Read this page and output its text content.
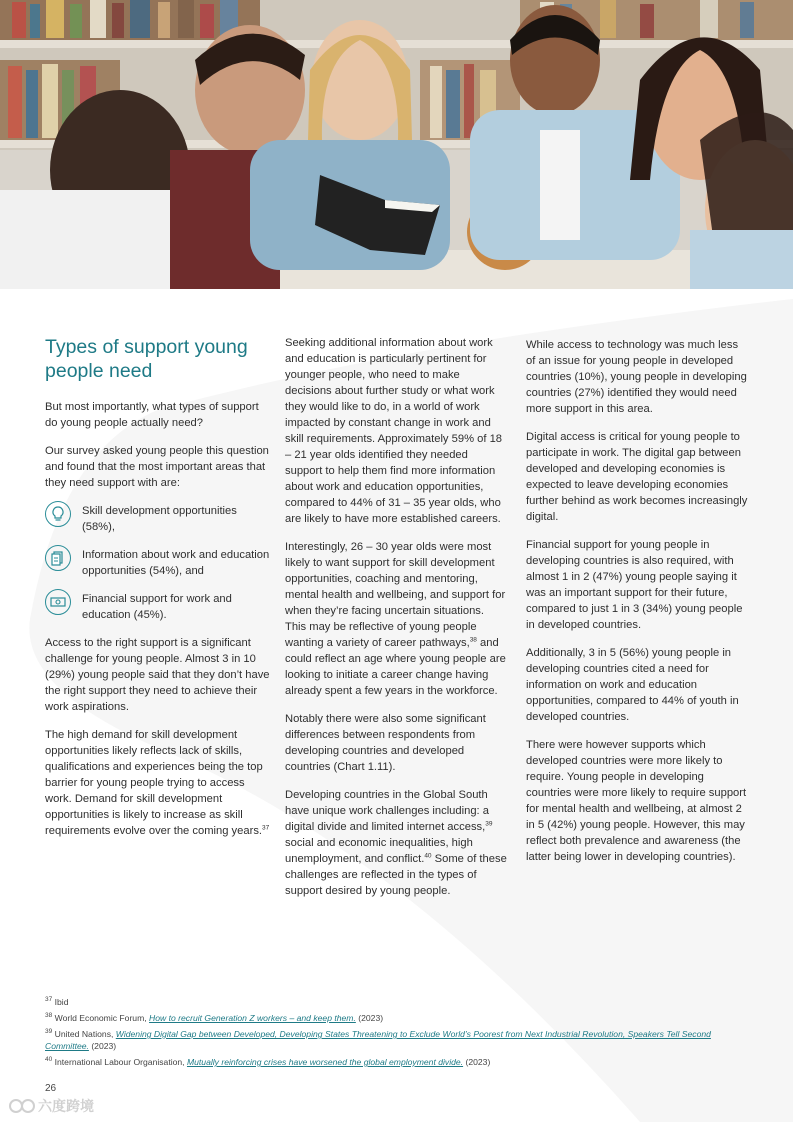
Types of support young people need

But most importantly, what types of support do young people actually need?

Our survey asked young people this question and found that the most important areas that they need support with are:

Skill development opportunities (58%),
Information about work and education opportunities (54%), and
Financial support for work and education (45%).

Access to the right support is a significant challenge for young people. Almost 3 in 10 (29%) young people said that they don’t have the right support they need to achieve their work aspirations.

The high demand for skill development opportunities likely reflects lack of skills, qualifications and experiences being the top barrier for young people trying to access work. Demand for skill development opportunities is likely to increase as skill requirements evolve over the coming years.$^{37}$

Seeking additional information about work and education is particularly pertinent for younger people, who need to make decisions about further study or what work they would like to do, in a world of work impacted by constant change in work and skill requirements. Approximately 59% of 18 – 21 year olds identified they needed support to help them find more information about work and education opportunities, compared to 44% of 31 – 35 year olds, who are likely to have more established careers.

Interestingly, 26 – 30 year olds were most likely to want support for skill development opportunities, coaching and mentoring, mental health and wellbeing, and support for when they’re facing uncertain situations. This may be reflective of young people wanting a variety of career pathways,$^{38}$ and could reflect an age where young people are looking to initiate a career change having already spent a few years in the workforce.

Notably there were also some significant differences between respondents from developing countries and developed countries (Chart 1.11).

Developing countries in the Global South have unique work challenges including: a digital divide and limited internet access,$^{39}$ social and economic inequalities, high unemployment, and conflict.$^{40}$ Some of these challenges are reflected in the types of support desired by young people.

While access to technology was much less of an issue for young people in developed countries (10%), young people in developing countries (27%) identified they would need more support in this area.

Digital access is critical for young people to participate in work. The digital gap between developed and developing economies is expected to leave developing economies further behind as work becomes increasingly digital.

Financial support for young people in developing countries is also required, with almost 1 in 2 (47%) young people saying it was an important support for their future, compared to just 1 in 3 (34%) young people in developed countries.

Additionally, 3 in 5 (56%) young people in developing countries cited a need for information on work and education opportunities, compared to 44% of youth in developed countries.

There were however supports which developed countries were more likely to require. Young people in developing countries were more likely to require support for mental health and wellbeing, at almost 2 in 5 (42%) young people. However, this may reflect both prevalence and awareness (the latter being lower in developing countries).

$^{37}$ Ibid
$^{38}$ World Economic Forum, How to recruit Generation Z workers – and keep them. (2023)
$^{39}$ United Nations, Widening Digital Gap between Developed, Developing States Threatening to Exclude World’s Poorest from Next Industrial Revolution, Speakers Tell Second Committee. (2023)
$^{40}$ International Labour Organisation, Mutually reinforcing crises have worsened the global employment divide. (2023)
26
六度跨境
